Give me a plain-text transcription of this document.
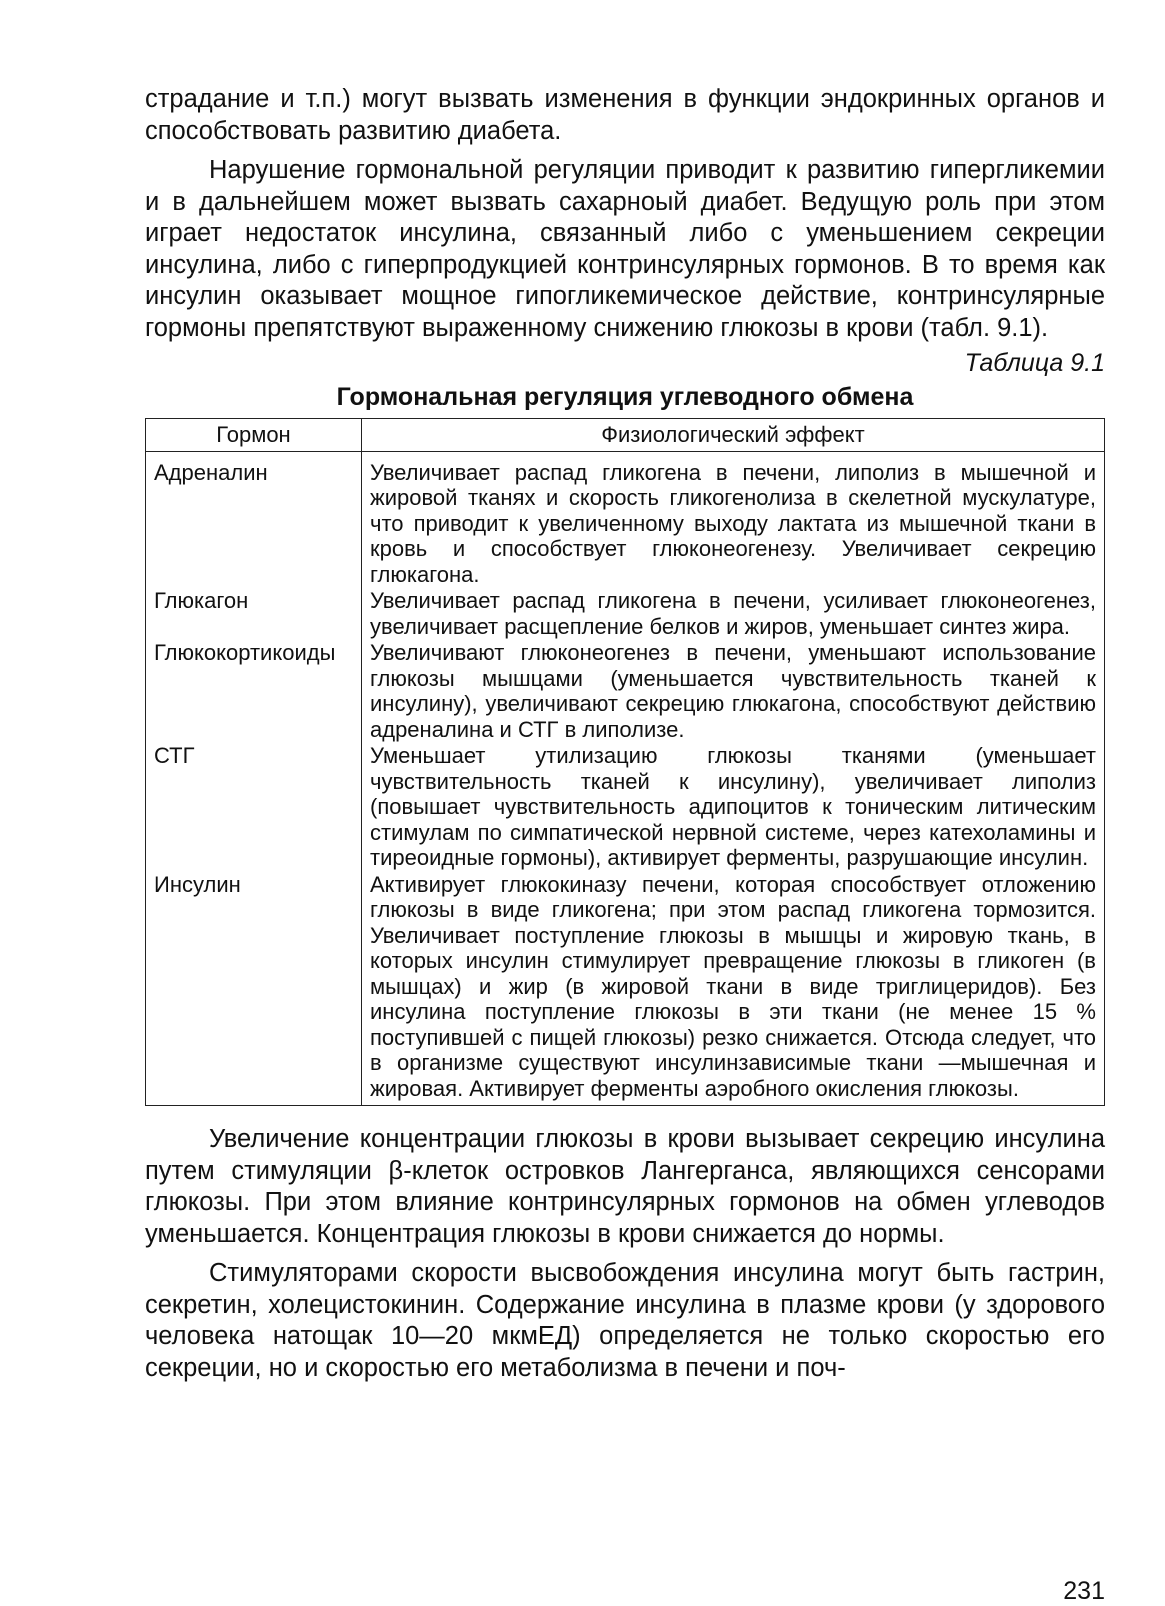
страдание и т.п.) могут вызвать изменения в функции эндокринных органов и способствовать развитию диабета.

Нарушение гормональной регуляции приводит к развитию гипергликемии и в дальнейшем может вызвать сахарноый диабет. Ведущую роль при этом играет недостаток инсулина, связанный либо с уменьшением секреции инсулина, либо с гиперпродукцией контринсулярных гормонов. В то время как инсулин оказывает мощное гипогликемическое действие, контринсулярные гормоны препятствуют выраженному снижению глюкозы в крови (табл. 9.1).

Таблица 9.1
Гормональная регуляция углеводного обмена
Гормон	Физиологический эффект
Адреналин	Увеличивает распад гликогена в печени, липолиз в мышечной и жировой тканях и скорость гликогенолиза в скелетной мускулатуре, что приводит к увеличенному выходу лактата из мышечной ткани в кровь и способствует глюконеогенезу. Увеличивает секрецию глюкагона.
Глюкагон	Увеличивает распад гликогена в печени, усиливает глюконеогенез, увеличивает расщепление белков и жиров, уменьшает синтез жира.
Глюкокортикоиды	Увеличивают глюконеогенез в печени, уменьшают использование глюкозы мышцами (уменьшается чувствительность тканей к инсулину), увеличивают секрецию глюкагона, способствуют действию адреналина и СТГ в липолизе.
СТГ	Уменьшает утилизацию глюкозы тканями (уменьшает чувствительность тканей к инсулину), увеличивает липолиз (повышает чувствительность адипоцитов к тоническим литическим стимулам по симпатической нервной системе, через катехоламины и тиреоидные гормоны), активирует ферменты, разрушающие инсулин.
Инсулин	Активирует глюкокиназу печени, которая способствует отложению глюкозы в виде гликогена; при этом распад гликогена тормозится. Увеличивает поступление глюкозы в мышцы и жировую ткань, в которых инсулин стимулирует превращение глюкозы в гликоген (в мышцах) и жир (в жировой ткани в виде триглицеридов). Без инсулина поступление глюкозы в эти ткани (не менее 15 % поступившей с пищей глюкозы) резко снижается. Отсюда следует, что в организме существуют инсулинзависимые ткани —мышечная и жировая. Активирует ферменты аэробного окисления глюкозы.

Увеличение концентрации глюкозы в крови вызывает секрецию инсулина путем стимуляции β-клеток островков Лангерганса, являющихся сенсорами глюкозы. При этом влияние контринсулярных гормонов на обмен углеводов уменьшается. Концентрация глюкозы в крови снижается до нормы.

Стимуляторами скорости высвобождения инсулина могут быть гастрин, секретин, холецистокинин. Содержание инсулина в плазме крови (у здорового человека натощак 10—20 мкмЕД) определяется не только скоростью его секреции, но и скоростью его метаболизма в печени и поч-

231
